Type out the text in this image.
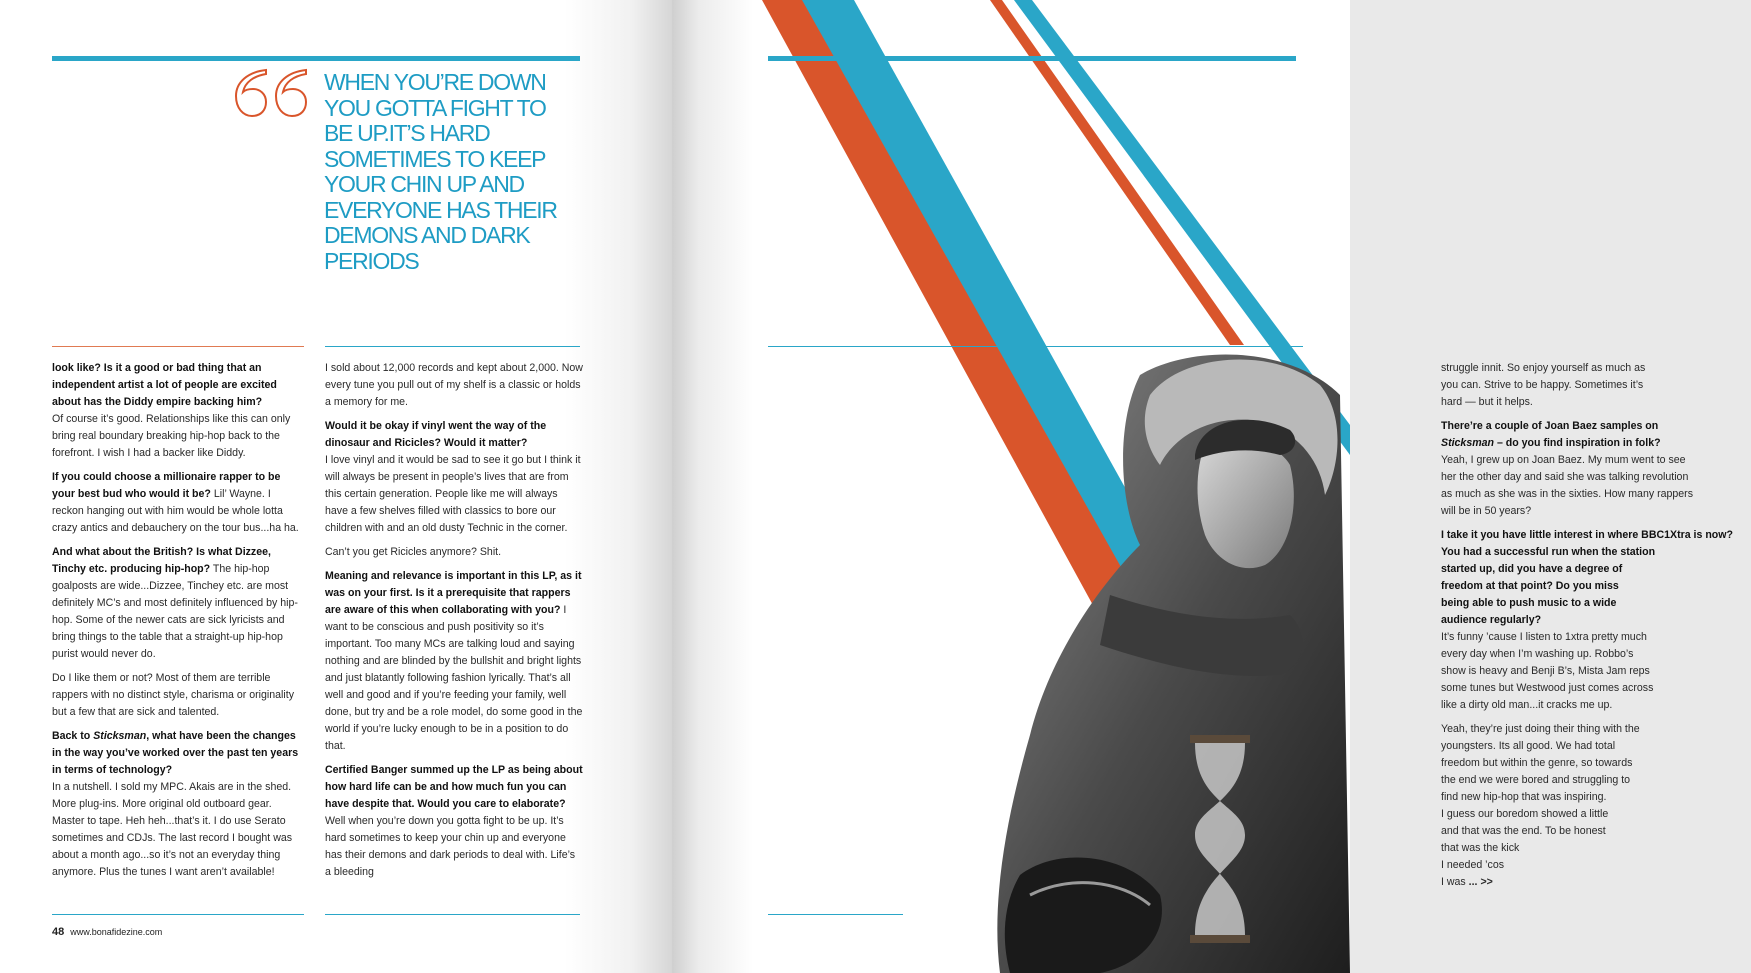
WHEN YOU’RE DOWN YOU GOTTA FIGHT TO BE UP.IT’S HARD SOMETIMES TO KEEP YOUR CHIN UP AND EVERYONE HAS THEIR DEMONS AND DARK PERIODS

look like? Is it a good or bad thing that an independent artist a lot of people are excited about has the Diddy empire backing him?
Of course it’s good. Relationships like this can only bring real boundary breaking hip-hop back to the forefront. I wish I had a backer like Diddy.

If you could choose a millionaire rapper to be your best bud who would it be? Lil’ Wayne. I reckon hanging out with him would be whole lotta crazy antics and debauchery on the tour bus...ha ha.

And what about the British? Is what Dizzee, Tinchy etc. producing hip-hop? The hip-hop goalposts are wide...Dizzee, Tinchey etc. are most definitely MC’s and most definitely influenced by hip-hop. Some of the newer cats are sick lyricists and bring things to the table that a straight-up hip-hop purist would never do.

Do I like them or not? Most of them are terrible rappers with no distinct style, charisma or originality but a few that are sick and talented.

Back to Sticksman, what have been the changes in the way you’ve worked over the past ten years in terms of technology?
In a nutshell. I sold my MPC. Akais are in the shed. More plug-ins. More original old outboard gear. Master to tape. Heh heh...that’s it. I do use Serato sometimes and CDJs. The last record I bought was about a month ago...so it’s not an everyday thing anymore. Plus the tunes I want aren’t available!

I sold about 12,000 records and kept about 2,000. Now every tune you pull out of my shelf is a classic or holds a memory for me.

Would it be okay if vinyl went the way of the dinosaur and Ricicles? Would it matter?
I love vinyl and it would be sad to see it go but I think it will always be present in people’s lives that are from this certain generation. People like me will always have a few shelves filled with classics to bore our children with and an old dusty Technic in the corner.

Can’t you get Ricicles anymore? Shit.

Meaning and relevance is important in this LP, as it was on your first. Is it a prerequisite that rappers are aware of this when collaborating with you? I want to be conscious and push positivity so it’s important. Too many MCs are talking loud and saying nothing and are blinded by the bullshit and bright lights and just blatantly following fashion lyrically. That’s all well and good and if you’re feeding your family, well done, but try and be a role model, do some good in the world if you’re lucky enough to be in a position to do that.

Certified Banger summed up the LP as being about how hard life can be and how much fun you can have despite that. Would you care to elaborate? Well when you’re down you gotta fight to be up. It’s hard sometimes to keep your chin up and everyone has their demons and dark periods to deal with. Life’s a bleeding

48 www.bonafidezine.com

struggle innit. So enjoy yourself as much as
you can. Strive to be happy. Sometimes it’s
hard — but it helps.

There’re a couple of Joan Baez samples on
Sticksman – do you find inspiration in folk?
Yeah, I grew up on Joan Baez. My mum went to see
her the other day and said she was talking revolution
as much as she was in the sixties. How many rappers
will be in 50 years?

I take it you have little interest in where BBC1Xtra is now?
You had a successful run when the station
started up, did you have a degree of
freedom at that point? Do you miss
being able to push music to a wide
audience regularly?
It’s funny ’cause I listen to 1xtra pretty much
every day when I’m washing up. Robbo’s
show is heavy and Benji B’s, Mista Jam reps
some tunes but Westwood just comes across
like a dirty old man...it cracks me up.

Yeah, they’re just doing their thing with the
youngsters. Its all good. We had total
freedom but within the genre, so towards
the end we were bored and struggling to
find new hip-hop that was inspiring.
I guess our boredom showed a little
and that was the end. To be honest
that was the kick
I needed ’cos
I was ... >>
